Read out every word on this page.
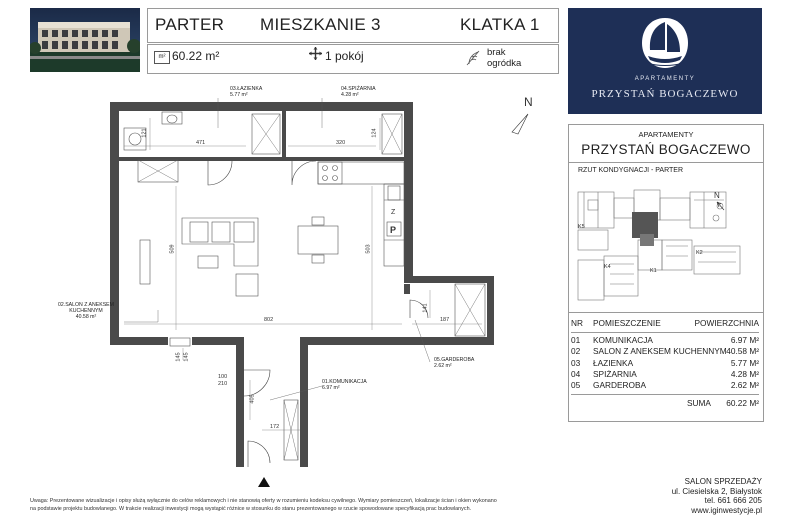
PARTER MIESZKANIE 3	KLATKA 1
m² 60.22 m²	1 pokój	brak
ogródka
APARTAMENTY
PRZYSTAŃ BOGACZEWO
APARTAMENTY
PRZYSTAŃ BOGACZEWO
RZUT KONDYGNACJI - PARTER
N
K5
K4
K1
K2
NR POMIESZCZENIE	POWIERZCHNIA
01 KOMUNIKACJA	6.97 M²
02 SALON Z ANEKSEM KUCHENNYM 40.58 M²
03 ŁAZIENKA	5.77 M²
04 SPIŻARNIA	4.28 M²
05 GARDEROBA	2.62 M²
SUMA 60.22 M²
SALON SPRZEDAŻY
ul. Ciesielska 2, Białystok
tel. 661 666 205
www.iginwestycje.pl
Uwaga: Prezentowane wizualizacje i opisy służą wyłącznie do celów reklamowych i nie stanowią oferty w rozumieniu kodeksu cywilnego. Wymiary pomieszczeń, lokalizacje ścian i okien wykonano
na podstawie projektu budowlanego. W trakcie realizacji inwestycji mogą wystąpić różnice w stosunku do stanu prezentowanego w rzucie spowodowane specyfikacją prac budowlanych.
Z
P
N
03.ŁAZIENKA
5.77 m²
04.SPIŻARNIA
4.28 m²
02.SALON Z ANEKSEM
KUCHENNYM
40.58 m²
05.GARDEROBA
2.62 m²
01.KOMUNIKACJA
6.97 m²
121
471	320
124
509	503
802
141
187
145 145
100
210
405
172
